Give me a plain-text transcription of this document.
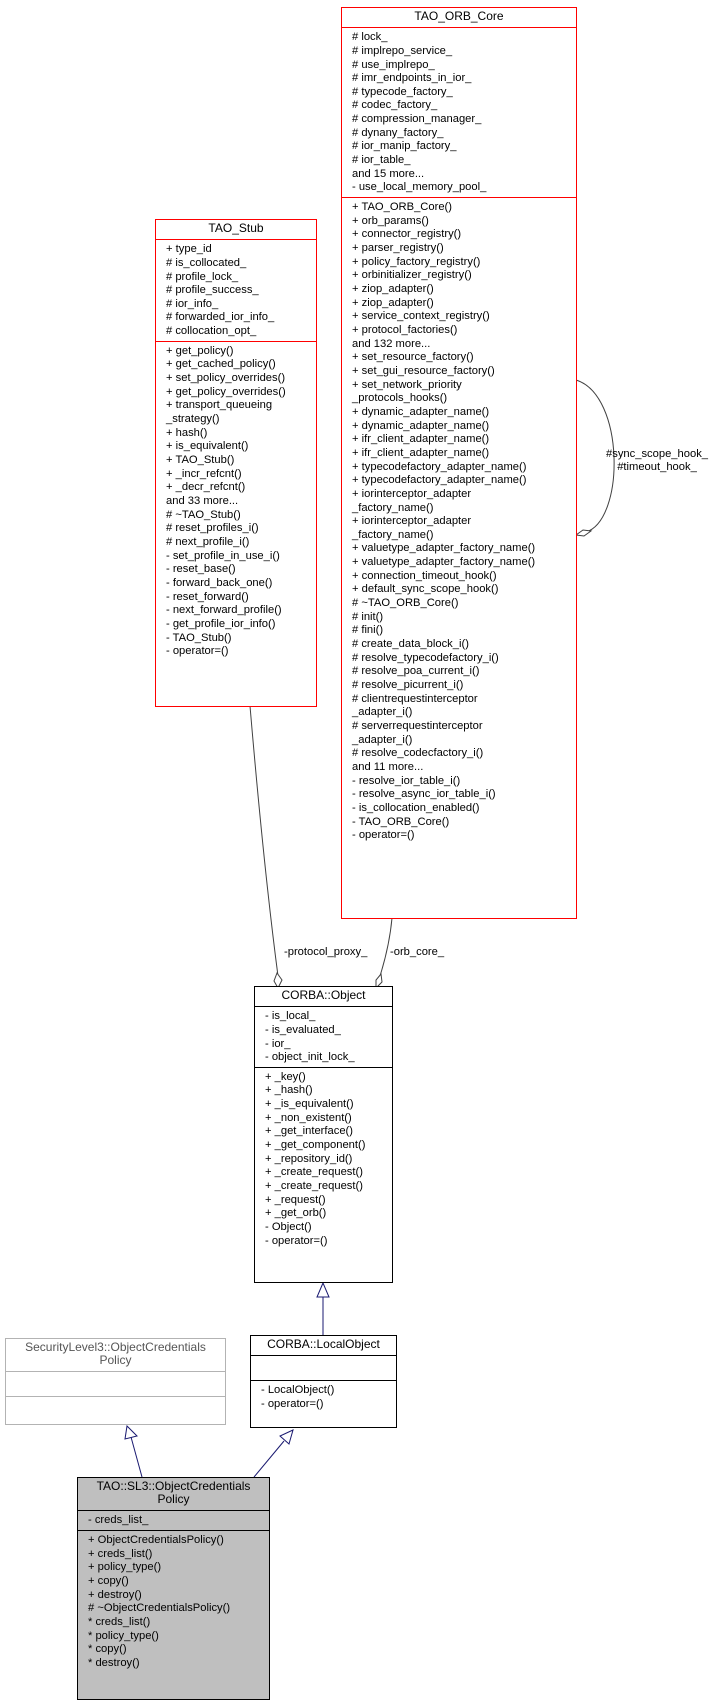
-protocol_proxy_ -orb_core_
#sync_scope_hook_
#timeout_hook_
TAO_ORB_Core
# lock_
# implrepo_service_
# use_implrepo_
# imr_endpoints_in_ior_
# typecode_factory_
# codec_factory_
# compression_manager_
# dynany_factory_
# ior_manip_factory_
# ior_table_
and 15 more...
- use_local_memory_pool_
+ TAO_ORB_Core()
+ orb_params()
+ connector_registry()
+ parser_registry()
+ policy_factory_registry()
+ orbinitializer_registry()
+ ziop_adapter()
+ ziop_adapter()
+ service_context_registry()
+ protocol_factories()
and 132 more...
+ set_resource_factory()
+ set_gui_resource_factory()
+ set_network_priority
_protocols_hooks()
+ dynamic_adapter_name()
+ dynamic_adapter_name()
+ ifr_client_adapter_name()
+ ifr_client_adapter_name()
+ typecodefactory_adapter_name()
+ typecodefactory_adapter_name()
+ iorinterceptor_adapter
_factory_name()
+ iorinterceptor_adapter
_factory_name()
+ valuetype_adapter_factory_name()
+ valuetype_adapter_factory_name()
+ connection_timeout_hook()
+ default_sync_scope_hook()
# ~TAO_ORB_Core()
# init()
# fini()
# create_data_block_i()
# resolve_typecodefactory_i()
# resolve_poa_current_i()
# resolve_picurrent_i()
# clientrequestinterceptor
_adapter_i()
# serverrequestinterceptor
_adapter_i()
# resolve_codecfactory_i()
and 11 more...
- resolve_ior_table_i()
- resolve_async_ior_table_i()
- is_collocation_enabled()
- TAO_ORB_Core()
- operator=()
TAO_Stub
+ type_id
# is_collocated_
# profile_lock_
# profile_success_
# ior_info_
# forwarded_ior_info_
# collocation_opt_
+ get_policy()
+ get_cached_policy()
+ set_policy_overrides()
+ get_policy_overrides()
+ transport_queueing
_strategy()
+ hash()
+ is_equivalent()
+ TAO_Stub()
+ _incr_refcnt()
+ _decr_refcnt()
and 33 more...
# ~TAO_Stub()
# reset_profiles_i()
# next_profile_i()
- set_profile_in_use_i()
- reset_base()
- forward_back_one()
- reset_forward()
- next_forward_profile()
- get_profile_ior_info()
- TAO_Stub()
- operator=()
CORBA::Object
- is_local_
- is_evaluated_
- ior_
- object_init_lock_
+ _key()
+ _hash()
+ _is_equivalent()
+ _non_existent()
+ _get_interface()
+ _get_component()
+ _repository_id()
+ _create_request()
+ _create_request()
+ _request()
+ _get_orb()
- Object()
- operator=()
CORBA::LocalObject
- LocalObject()
- operator=()
SecurityLevel3::ObjectCredentials
Policy
TAO::SL3::ObjectCredentials
Policy
- creds_list_
+ ObjectCredentialsPolicy()
+ creds_list()
+ policy_type()
+ copy()
+ destroy()
# ~ObjectCredentialsPolicy()
* creds_list()
* policy_type()
* copy()
* destroy()
